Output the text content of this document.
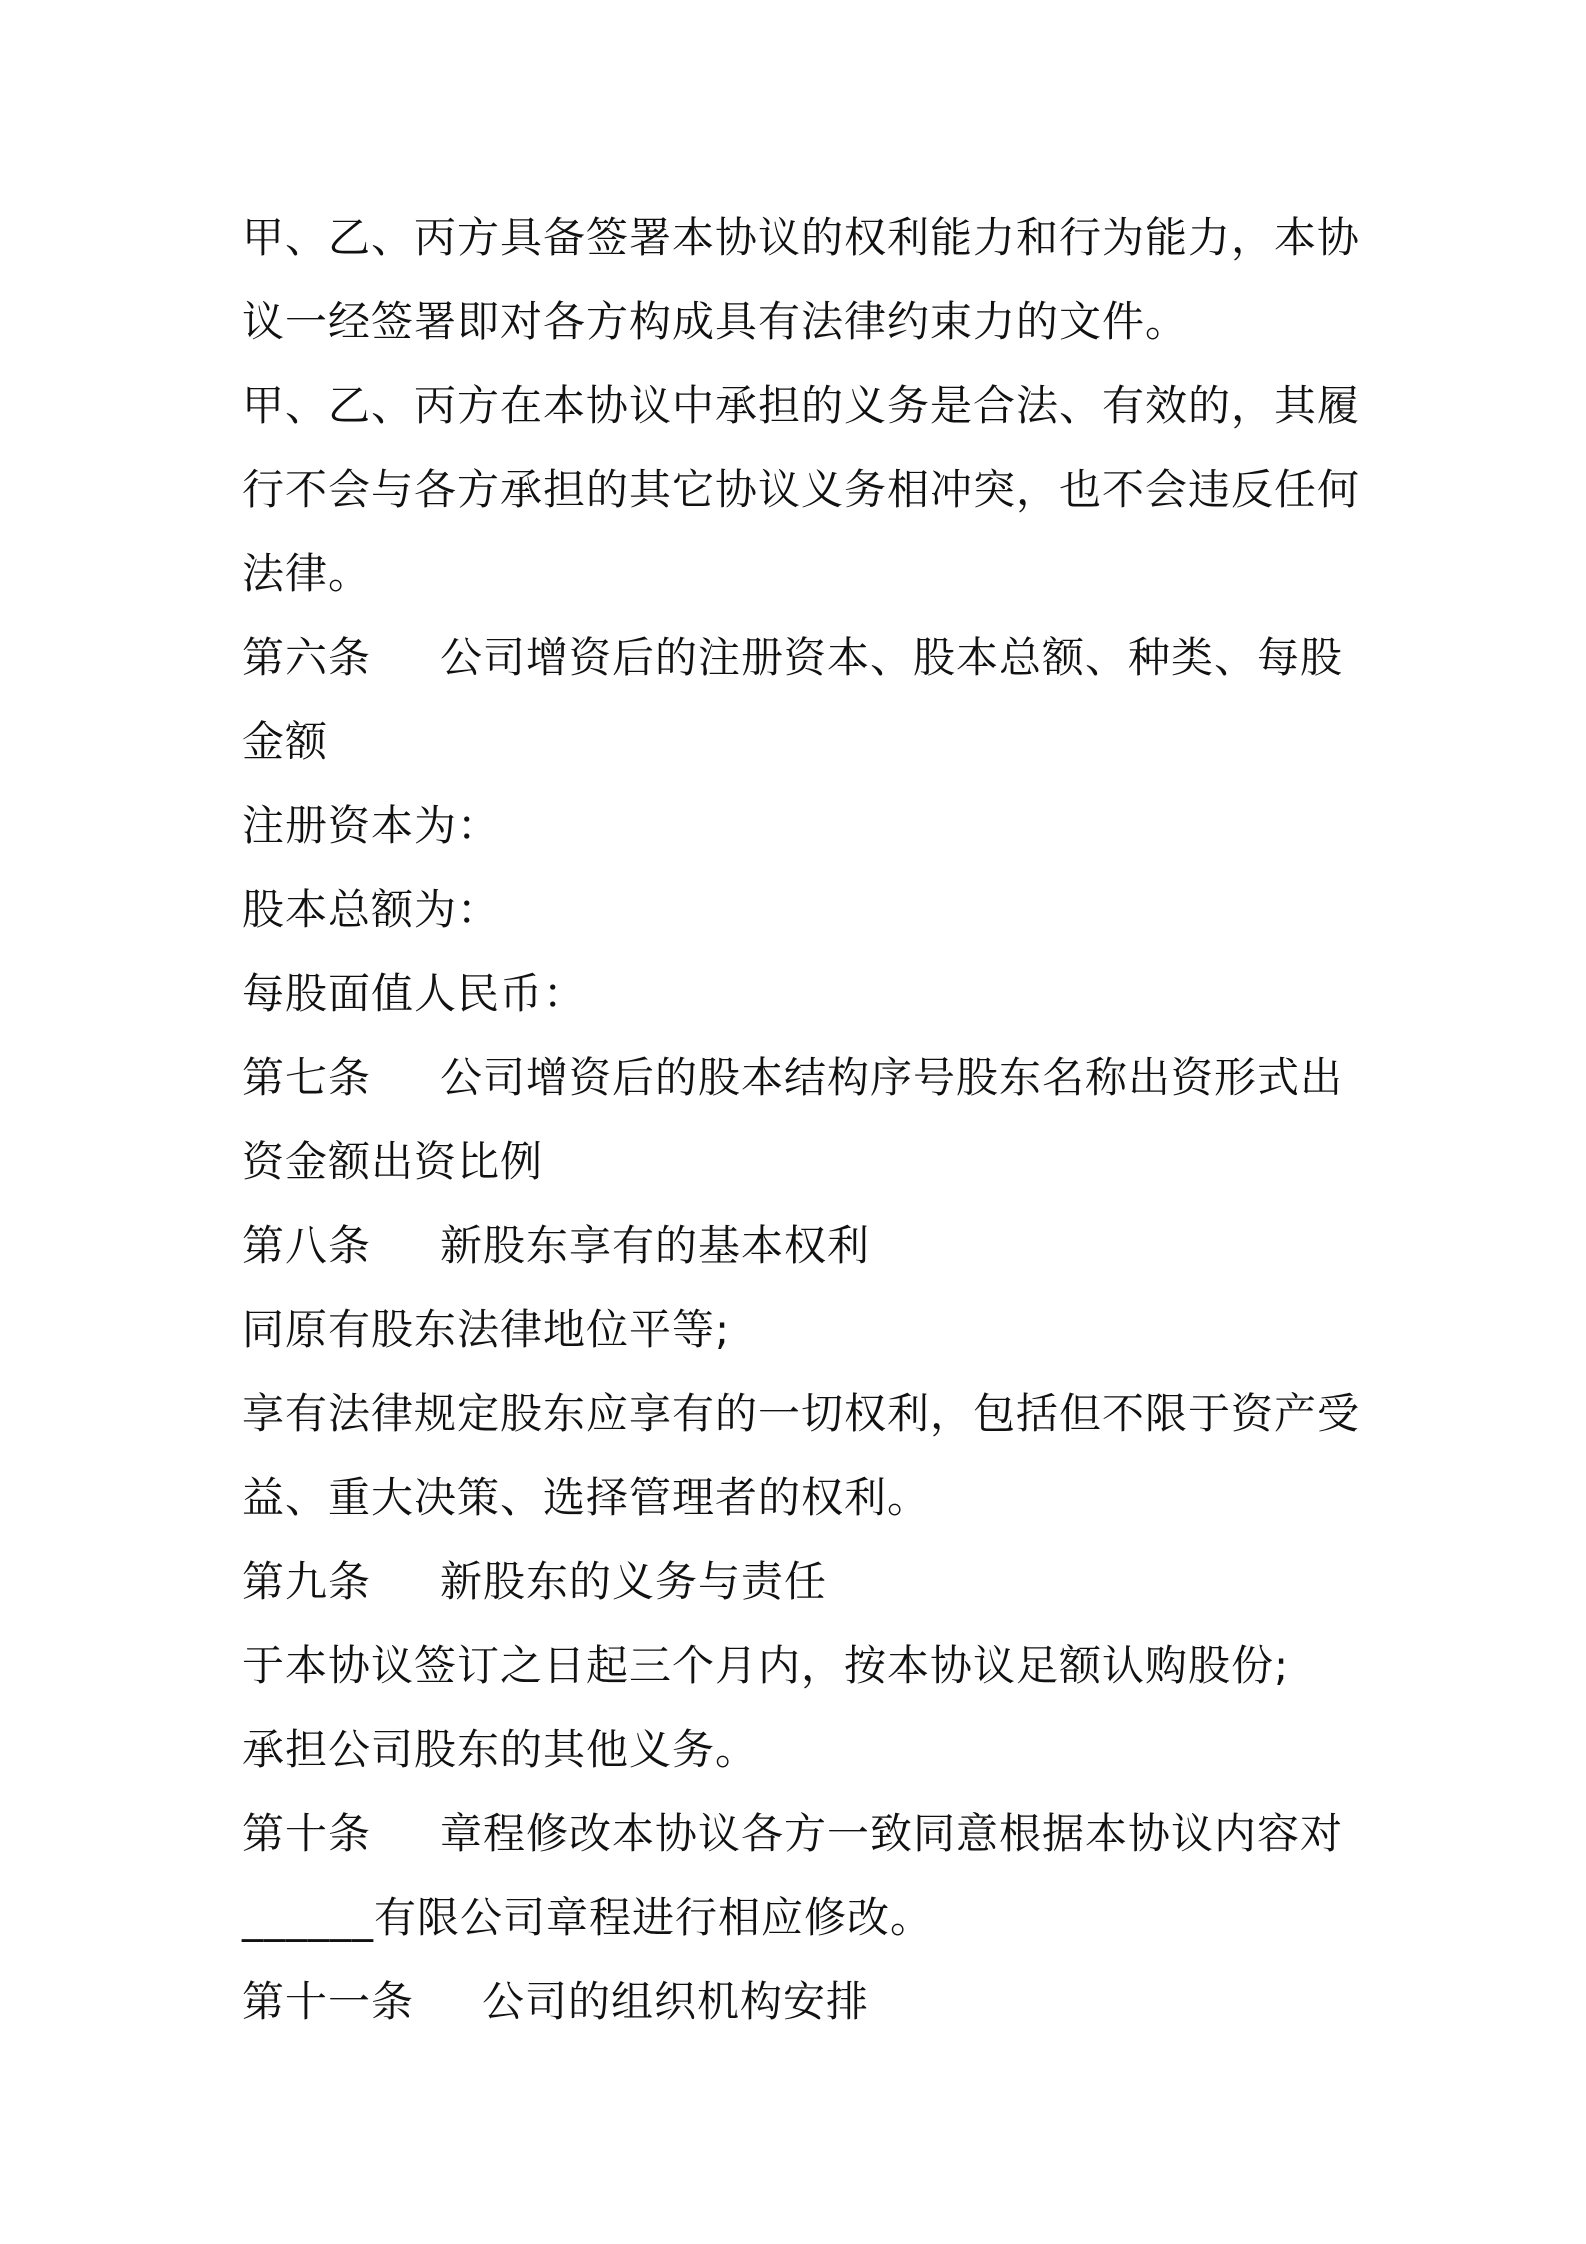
甲、乙、丙方具备签署本协议的权利能力和行为能力，本协
议一经签署即对各方构成具有法律约束力的文件。
甲、乙、丙方在本协议中承担的义务是合法、有效的，其履
行不会与各方承担的其它协议义务相冲突，也不会违反任何
法律。
第六条 公司增资后的注册资本、股本总额、种类、每股
金额
注册资本为：
股本总额为：
每股面值人民币：
第七条 公司增资后的股本结构序号股东名称出资形式出
资金额出资比例
第八条 新股东享有的基本权利
同原有股东法律地位平等;
享有法律规定股东应享有的一切权利，包括但不限于资产受
益、重大决策、选择管理者的权利。
第九条 新股东的义务与责任
于本协议签订之日起三个月内，按本协议足额认购股份;
承担公司股东的其他义务。
第十条 章程修改本协议各方一致同意根据本协议内容对
______有限公司章程进行相应修改。
第十一条 公司的组织机构安排
